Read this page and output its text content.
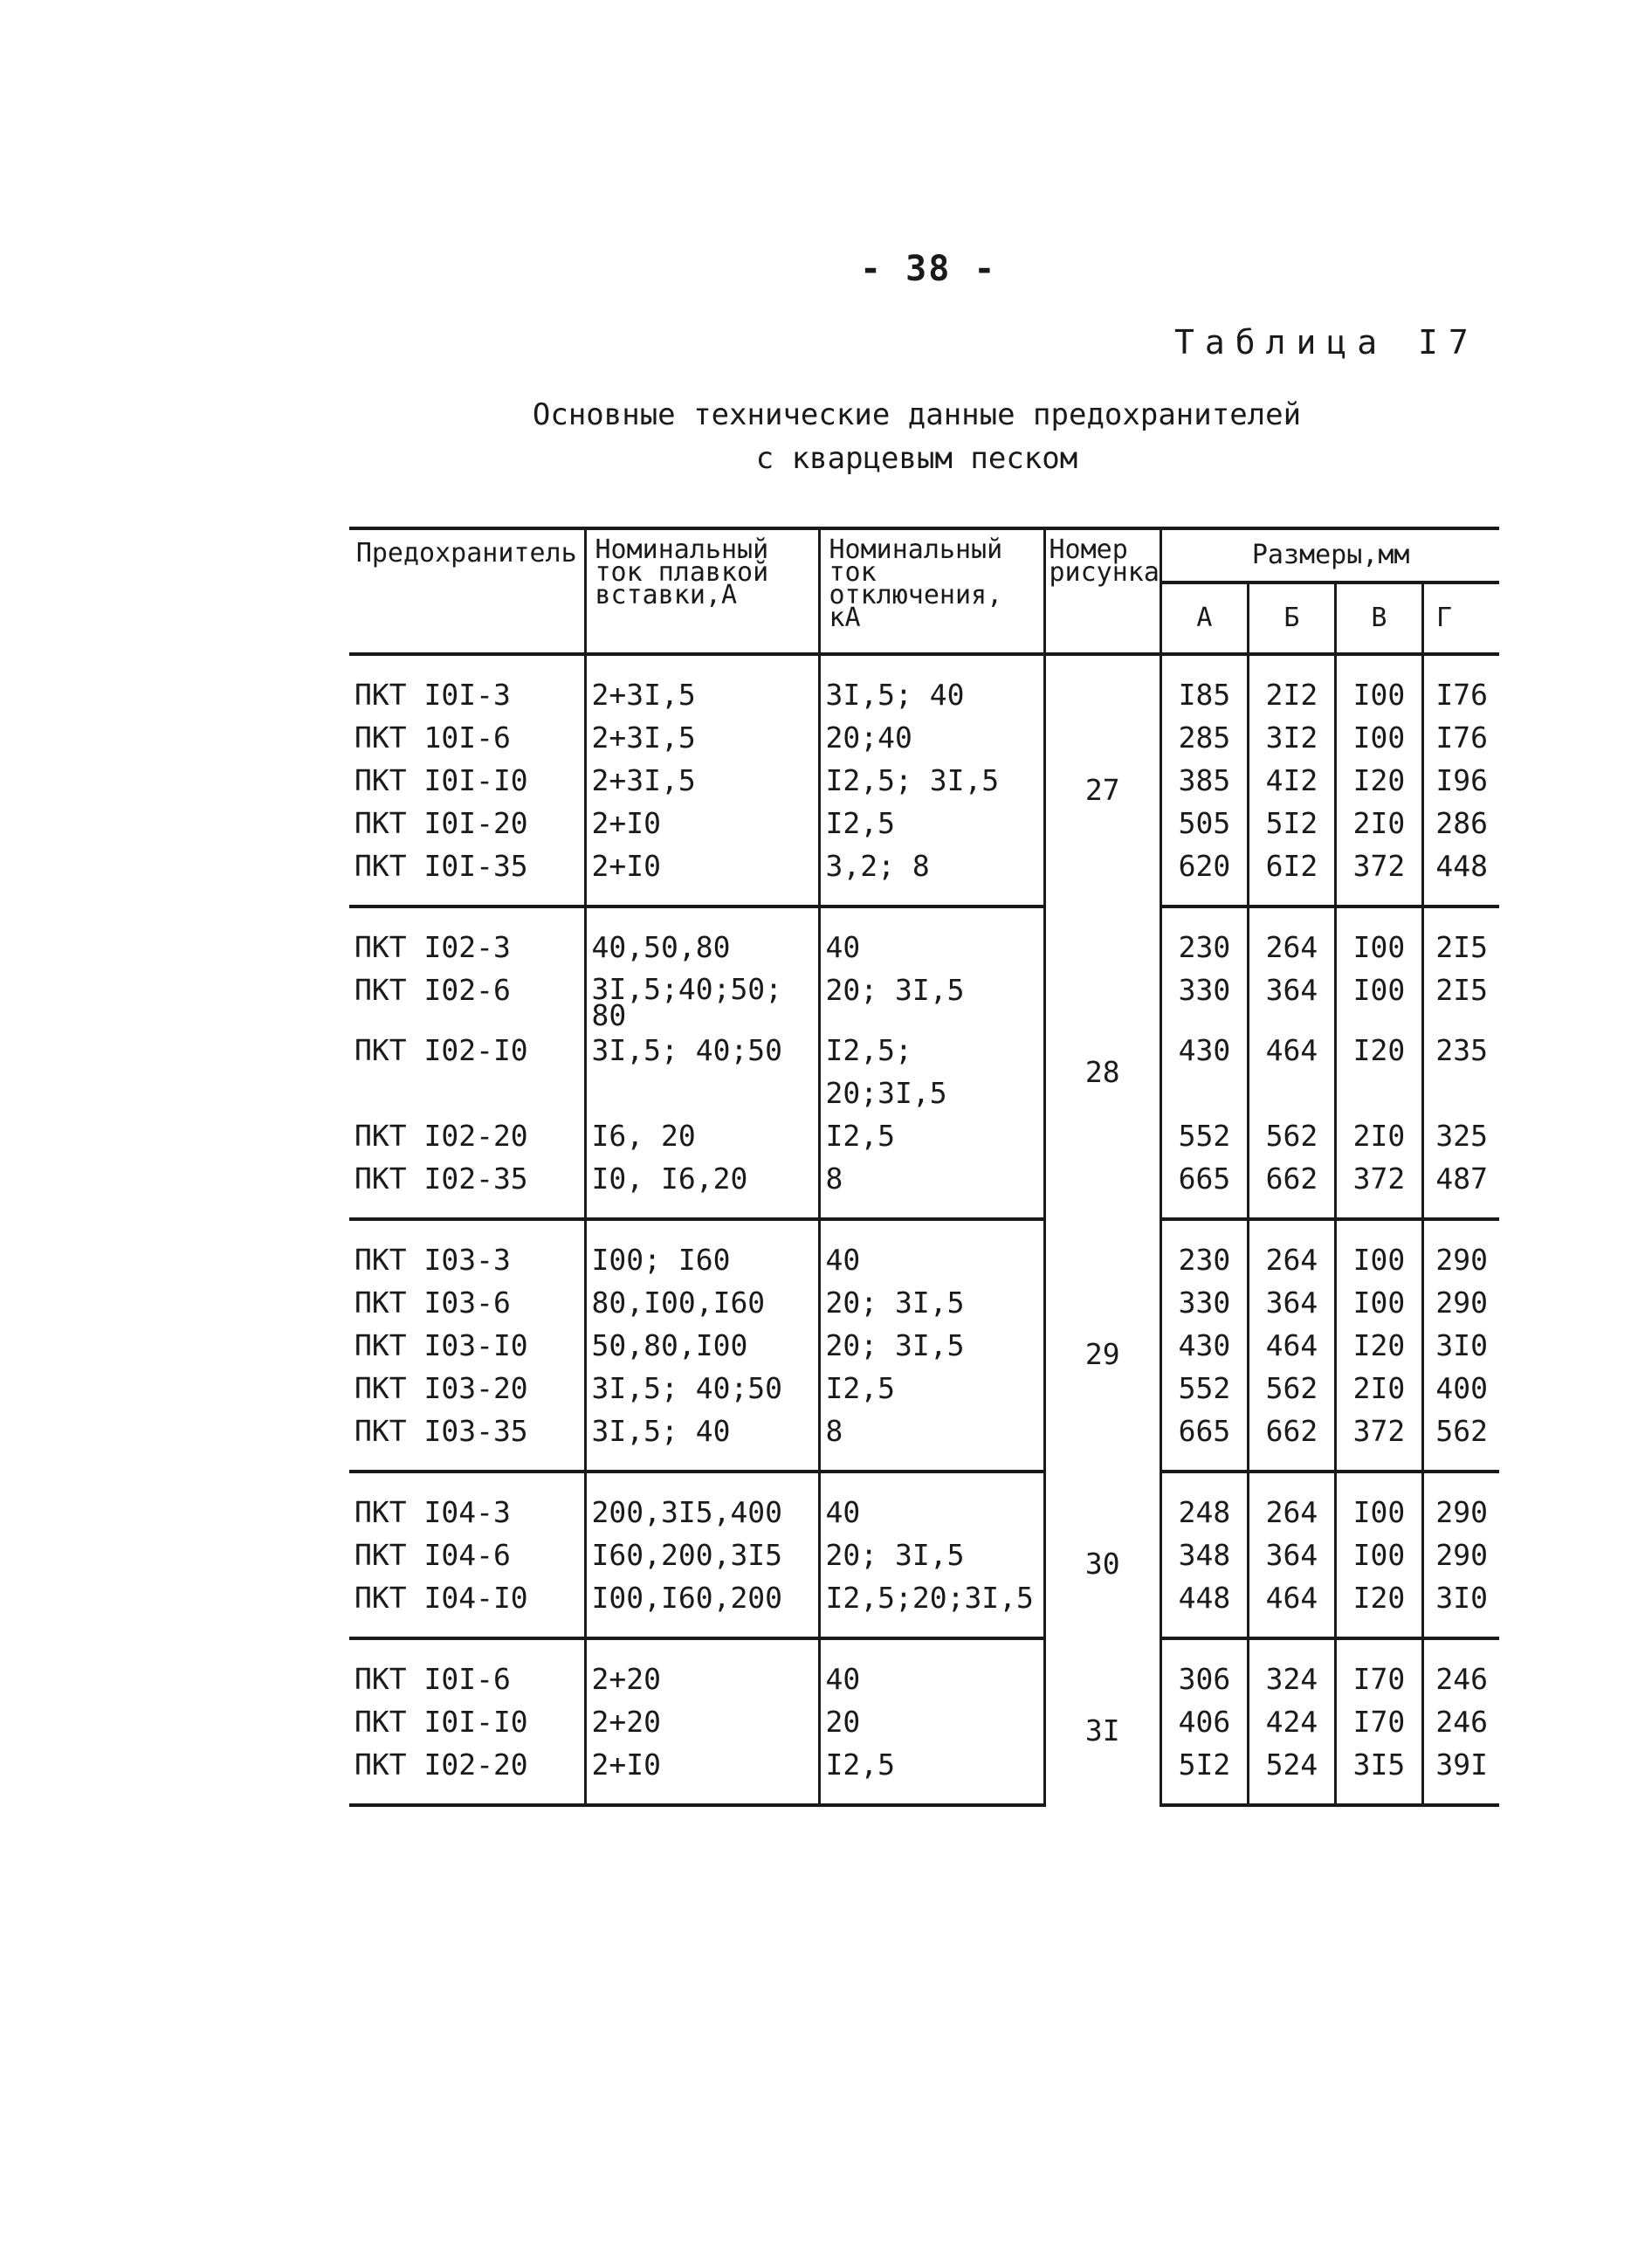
- 38 -
Таблица I7
Основные технические данные предохранителей
с кварцевым песком
Предохранитель	Номинальный ток плавкой вставки,А	Номинальный ток отключения, кА	Номер рисунка	Размеры,мм			
				А	Б	В	Г
ПКТ I0I-3	2+3I,5	3I,5; 40	27	I85	2I2	I00	I76
ПКТ 10I-6	2+3I,5	20;40		285	3I2	I00	I76
ПКТ I0I-I0	2+3I,5	I2,5; 3I,5		385	4I2	I20	I96
ПКТ I0I-20	2+I0	I2,5		505	5I2	2I0	286
ПКТ I0I-35	2+I0	3,2; 8		620	6I2	372	448
ПКТ I02-3	40,50,80	40	28	230	264	I00	2I5
ПКТ I02-6	3I,5;40;50;
80	20; 3I,5		330	364	I00	2I5
ПКТ I02-I0	3I,5; 40;50	I2,5; 20;3I,5		430	464	I20	235
ПКТ I02-20	I6, 20	I2,5		552	562	2I0	325
ПКТ I02-35	I0, I6,20	8		665	662	372	487
ПКТ I03-3	I00; I60	40	29	230	264	I00	290
ПКТ I03-6	80,I00,I60	20; 3I,5		330	364	I00	290
ПКТ I03-I0	50,80,I00	20; 3I,5		430	464	I20	3I0
ПКТ I03-20	3I,5; 40;50	I2,5		552	562	2I0	400
ПКТ I03-35	3I,5; 40	8		665	662	372	562
ПКТ I04-3	200,3I5,400	40	30	248	264	I00	290
ПКТ I04-6	I60,200,3I5	20; 3I,5		348	364	I00	290
ПКТ I04-I0	I00,I60,200	I2,5;20;3I,5		448	464	I20	3I0
ПКТ I0I-6	2+20	40	3I	306	324	I70	246
ПКТ I0I-I0	2+20	20		406	424	I70	246
ПКТ I02-20	2+I0	I2,5		5I2	524	3I5	39I
